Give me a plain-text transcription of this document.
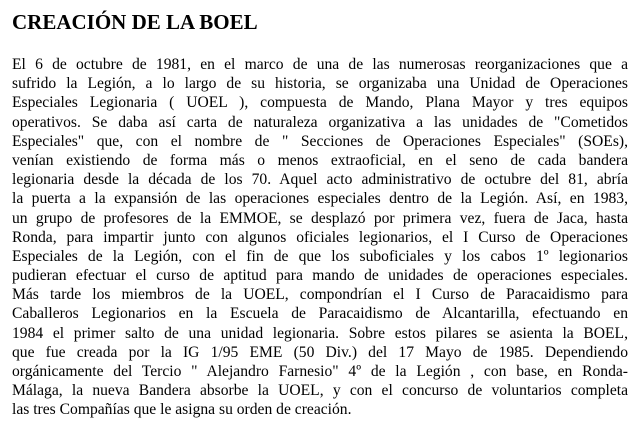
CREACIÓN DE LA BOEL
El 6 de octubre de 1981, en el marco de una de las numerosas reorganizaciones que a
sufrido la Legión, a lo largo de su historia, se organizaba una Unidad de Operaciones
Especiales Legionaria ( UOEL ), compuesta de Mando, Plana Mayor y tres equipos
operativos. Se daba así carta de naturaleza organizativa a las unidades de "Cometidos
Especiales" que, con el nombre de " Secciones de Operaciones Especiales" (SOEs),
venían existiendo de forma más o menos extraoficial, en el seno de cada bandera
legionaria desde la década de los 70. Aquel acto administrativo de octubre del 81, abría
la puerta a la expansión de las operaciones especiales dentro de la Legión. Así, en 1983,
un grupo de profesores de la EMMOE, se desplazó por primera vez, fuera de Jaca, hasta
Ronda, para impartir junto con algunos oficiales legionarios, el I Curso de Operaciones
Especiales de la Legión, con el fin de que los suboficiales y los cabos 1º legionarios
pudieran efectuar el curso de aptitud para mando de unidades de operaciones especiales.
Más tarde los miembros de la UOEL, compondrían el I Curso de Paracaidismo para
Caballeros Legionarios en la Escuela de Paracaidismo de Alcantarilla, efectuando en
1984 el primer salto de una unidad legionaria. Sobre estos pilares se asienta la BOEL,
que fue creada por la IG 1/95 EME (50 Div.) del 17 Mayo de 1985. Dependiendo
orgánicamente del Tercio " Alejandro Farnesio" 4º de la Legión , con base, en Ronda-
Málaga, la nueva Bandera absorbe la UOEL, y con el concurso de voluntarios completa
las tres Compañías que le asigna su orden de creación.
